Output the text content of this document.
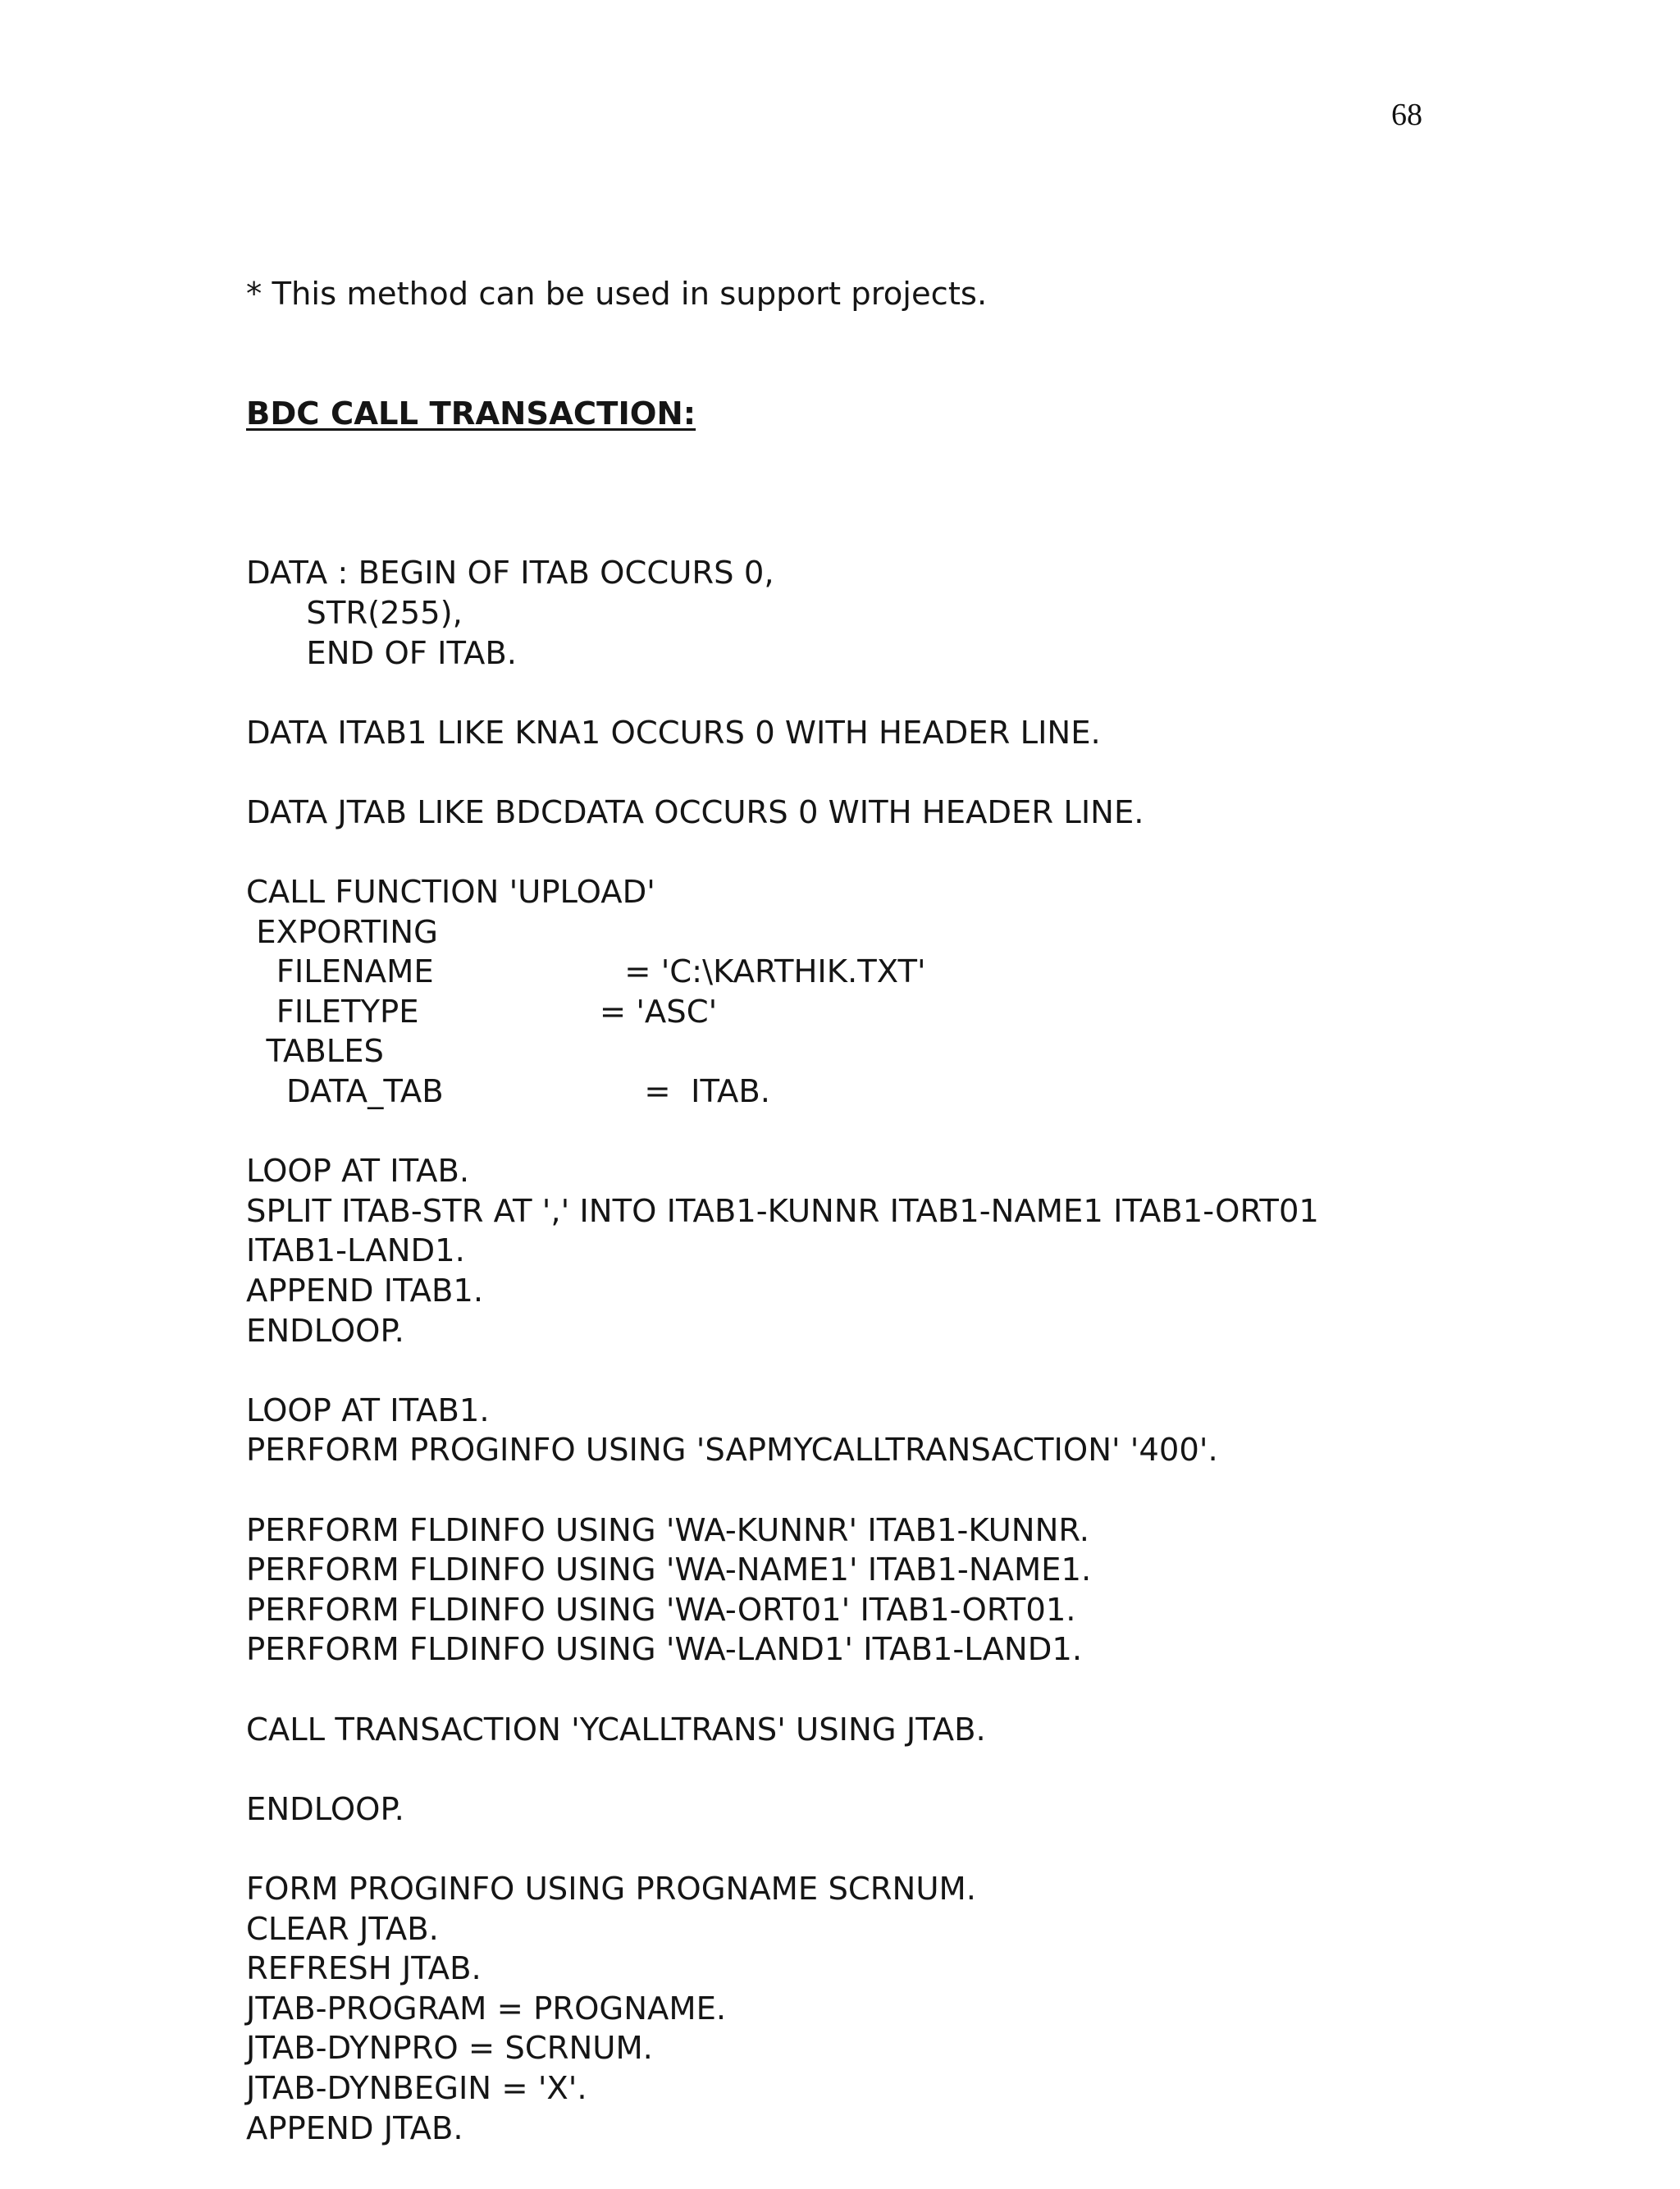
68

* This method can be used in support projects.

BDC CALL TRANSACTION:

DATA : BEGIN OF ITAB OCCURS 0,
STR(255),
END OF ITAB.
DATA ITAB1 LIKE KNA1 OCCURS 0 WITH HEADER LINE.
DATA JTAB LIKE BDCDATA OCCURS 0 WITH HEADER LINE.
CALL FUNCTION 'UPLOAD'
EXPORTING
FILENAME                   = 'C:\KARTHIK.TXT'
FILETYPE                  = 'ASC'
TABLES
DATA_TAB                    =  ITAB.
LOOP AT ITAB.
SPLIT ITAB-STR AT ',' INTO ITAB1-KUNNR ITAB1-NAME1 ITAB1-ORT01
ITAB1-LAND1.
APPEND ITAB1.
ENDLOOP.
LOOP AT ITAB1.
PERFORM PROGINFO USING 'SAPMYCALLTRANSACTION' '400'.
PERFORM FLDINFO USING 'WA-KUNNR' ITAB1-KUNNR.
PERFORM FLDINFO USING 'WA-NAME1' ITAB1-NAME1.
PERFORM FLDINFO USING 'WA-ORT01' ITAB1-ORT01.
PERFORM FLDINFO USING 'WA-LAND1' ITAB1-LAND1.
CALL TRANSACTION 'YCALLTRANS' USING JTAB.
ENDLOOP.
FORM PROGINFO USING PROGNAME SCRNUM.
CLEAR JTAB.
REFRESH JTAB.
JTAB-PROGRAM = PROGNAME.
JTAB-DYNPRO = SCRNUM.
JTAB-DYNBEGIN = 'X'.
APPEND JTAB.
